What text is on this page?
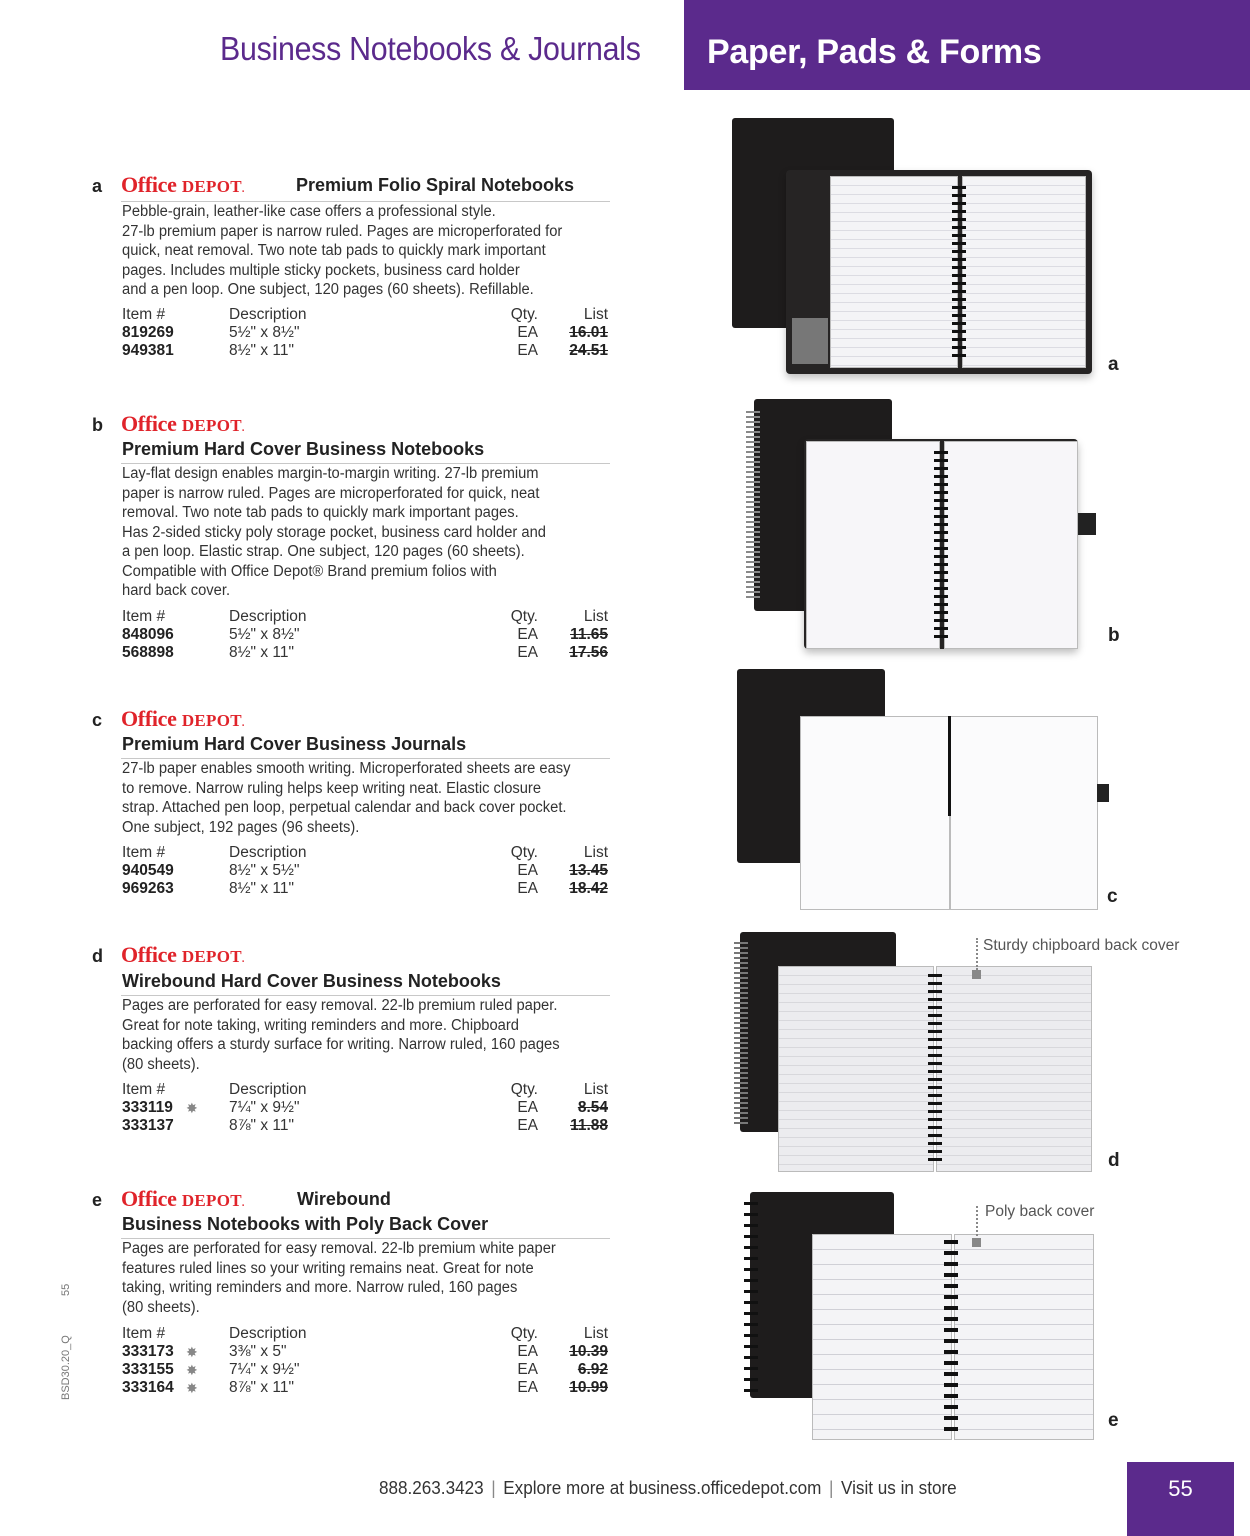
Business Notebooks & Journals Paper, Pads & Forms
a Office DEPOT.	Premium Folio Spiral Notebooks
Pebble-grain, leather-like case offers a professional style.
27-lb premium paper is narrow ruled. Pages are microperforated for
quick, neat removal. Two note tab pads to quickly mark important
pages. Includes multiple sticky pockets, business card holder
and a pen loop. One subject, 120 pages (60 sheets). Refillable.
Item #	Description	Qty.	List
819269	5½" x 8½"	EA 16.01
949381	8½" x 11"	EA 24.51
b Office DEPOT.
Premium Hard Cover Business Notebooks
Lay-flat design enables margin-to-margin writing. 27-lb premium
paper is narrow ruled. Pages are microperforated for quick, neat
removal. Two note tab pads to quickly mark important pages.
Has 2-sided sticky poly storage pocket, business card holder and
a pen loop. Elastic strap. One subject, 120 pages (60 sheets).
Compatible with Office Depot® Brand premium folios with
hard back cover.
Item #	Description	Qty.	List
848096	5½" x 8½"	EA 11.65
568898	8½" x 11"	EA 17.56
c Office DEPOT.
Premium Hard Cover Business Journals
27-lb paper enables smooth writing. Microperforated sheets are easy
to remove. Narrow ruling helps keep writing neat. Elastic closure
strap. Attached pen loop, perpetual calendar and back cover pocket.
One subject, 192 pages (96 sheets).
Item #	Description	Qty.	List
940549	8½" x 5½"	EA 13.45
969263	8½" x 11"	EA 18.42
d Office DEPOT.
Wirebound Hard Cover Business Notebooks
Pages are perforated for easy removal. 22-lb premium ruled paper.
Great for note taking, writing reminders and more. Chipboard
backing offers a sturdy surface for writing. Narrow ruled, 160 pages
(80 sheets).
Item #	Description	Qty.	List
333119 ✸ 7¼" x 9½"	EA	8.54
333137	8⅞" x 11"	EA 11.88
e Office DEPOT.	Wirebound
Business Notebooks with Poly Back Cover
Pages are perforated for easy removal. 22-lb premium white paper
features ruled lines so your writing remains neat. Great for note
taking, writing reminders and more. Narrow ruled, 160 pages
(80 sheets).
Item #	Description	Qty.	List
333173 ✸ 3⅜" x 5"	EA 10.39
333155 ✸ 7¼" x 9½"	EA	6.92
333164 ✸ 8⅞" x 11"	EA 10.99
a
b
c
Sturdy chipboard back cover
d
Poly back cover
e
55
BSD30.20_Q
888.263.3423 | Explore more at business.officedepot.com | Visit us in store	55
